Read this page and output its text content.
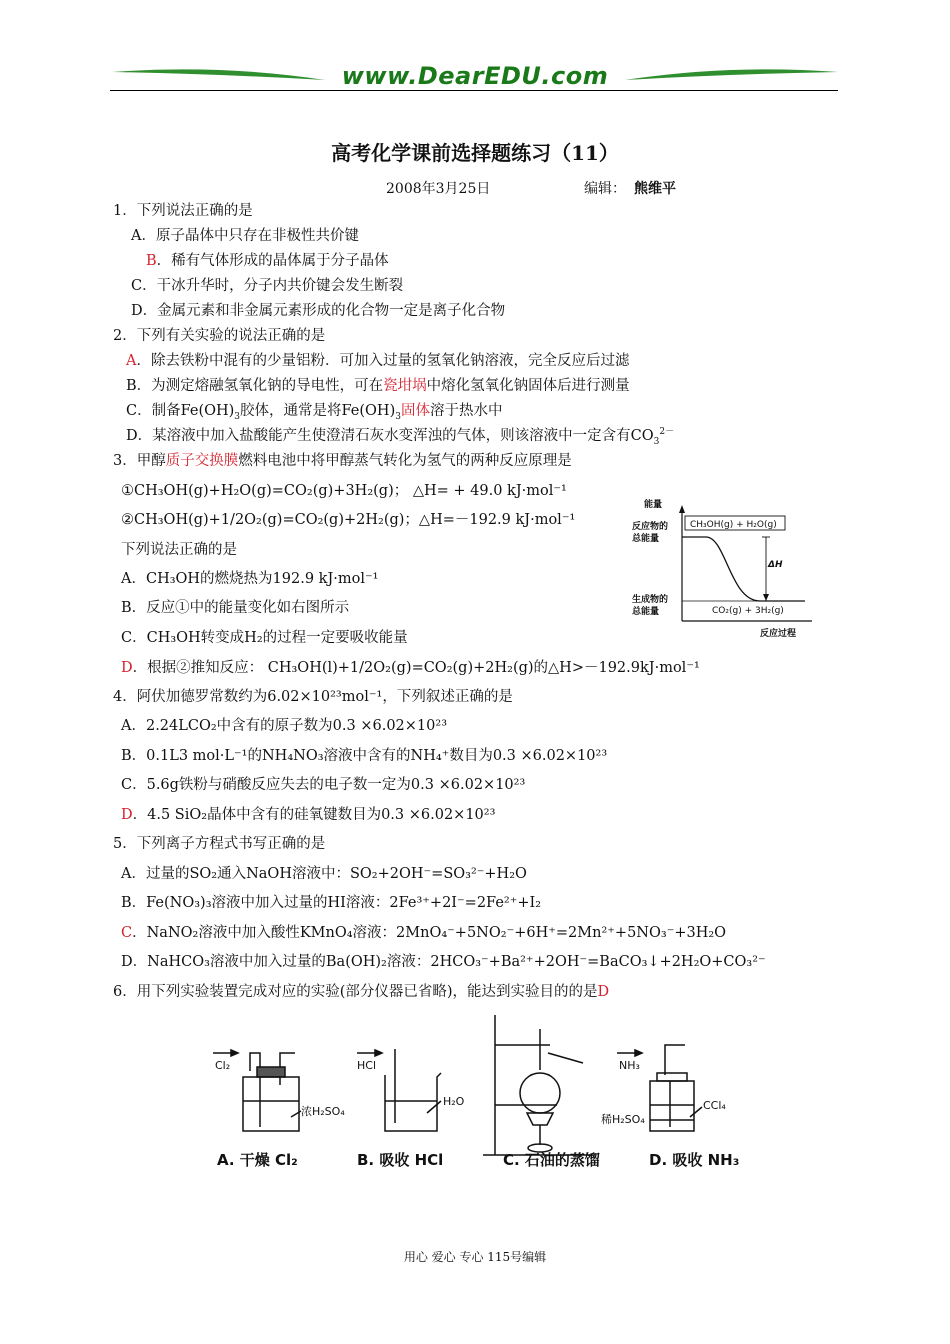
www.DearEDU.com
高考化学课前选择题练习（11）
2008年3月25日	编辑： 熊维平
1．下列说法正确的是
A．原子晶体中只存在非极性共价键
B．稀有气体形成的晶体属于分子晶体
C．干冰升华时，分子内共价键会发生断裂
D．金属元素和非金属元素形成的化合物一定是离子化合物
2．下列有关实验的说法正确的是
A．除去铁粉中混有的少量铝粉．可加入过量的氢氧化钠溶液，完全反应后过滤
B．为测定熔融氢氧化钠的导电性，可在瓷坩埚中熔化氢氧化钠固体后进行测量
C．制备$Fe(OH)_3$胶体，通常是将$Fe(OH)_3$固体溶于热水中
D．某溶液中加入盐酸能产生使澄清石灰水变浑浊的气体，则该溶液中一定含有$CO_3^{2-}$
3．甲醇质子交换膜燃料电池中将甲醇蒸气转化为氢气的两种反应原理是
①CH₃OH(g)+H₂O(g)=CO₂(g)+3H₂(g)； △H= + 49.0 kJ·mol⁻¹
②CH₃OH(g)+1/2O₂(g)=CO₂(g)+2H₂(g)；△H=－192.9 kJ·mol⁻¹
下列说法正确的是
A．CH₃OH的燃烧热为192.9 kJ·mol⁻¹
B．反应①中的能量变化如右图所示
C．CH₃OH转变成H₂的过程一定要吸收能量
D．根据②推知反应： CH₃OH(l)+1/2O₂(g)=CO₂(g)+2H₂(g)的△H>－192.9kJ·mol⁻¹
能量
反应物的
总能量
生成物的
总能量	CO₂(g) + 3H₂(g)
ΔH
反应过程
CH₃OH(g) + H₂O(g)
4．阿伏加德罗常数约为6.02×10²³mol⁻¹，下列叙述正确的是
A．2.24LCO₂中含有的原子数为0.3 ×6.02×10²³
B．0.1L3 mol·L⁻¹的NH₄NO₃溶液中含有的NH₄⁺数目为0.3 ×6.02×10²³
C．5.6g铁粉与硝酸反应失去的电子数一定为0.3 ×6.02×10²³
D．4.5 SiO₂晶体中含有的硅氧键数目为0.3 ×6.02×10²³
5．下列离子方程式书写正确的是
A．过量的SO₂通入NaOH溶液中：SO₂+2OH⁻=SO₃²⁻+H₂O
B．Fe(NO₃)₃溶液中加入过量的HI溶液：2Fe³⁺+2I⁻=2Fe²⁺+I₂
C．NaNO₂溶液中加入酸性KMnO₄溶液：2MnO₄⁻+5NO₂⁻+6H⁺=2Mn²⁺+5NO₃⁻+3H₂O
D．NaHCO₃溶液中加入过量的Ba(OH)₂溶液：2HCO₃⁻+Ba²⁺+2OH⁻=BaCO₃↓+2H₂O+CO₃²⁻
6．用下列实验装置完成对应的实验(部分仪器已省略)，能达到实验目的的是D
Cl₂
浓H₂SO₄
HCl
H₂O
NH₃
稀H₂SO₄
CCl₄
A. 干燥 Cl₂	B. 吸收 HCl	C. 石油的蒸馏	D. 吸收 NH₃
用心 爱心 专心 115号编辑
